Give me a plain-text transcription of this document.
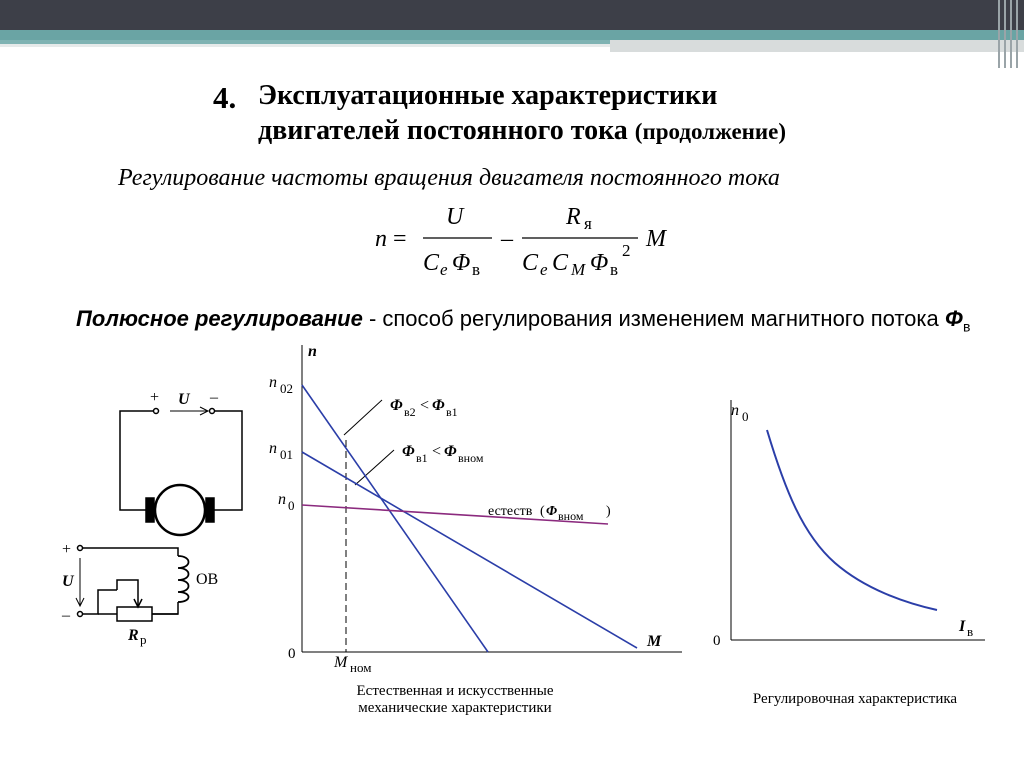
4. Эксплуатационные характеристики
двигателей постоянного тока (продолжение)
Регулирование частоты вращения двигателя постоянного тока
n =
U
C e Φ в
–
R я
C e C M Φ в
2 M
Полюсное регулирование - способ регулирования изменением магнитного потока $\Phi_в$
+ U –
+
U
–
ОВ
R р
n
M
0
n 02
n 01
n 0
M ном
Φ в2 < Φ в1
Φ в1 < Φ вном
естеств ( Φ вном )
Естественная и искусственные
механические характеристики
n 0
I в
0
Регулировочная характеристика
